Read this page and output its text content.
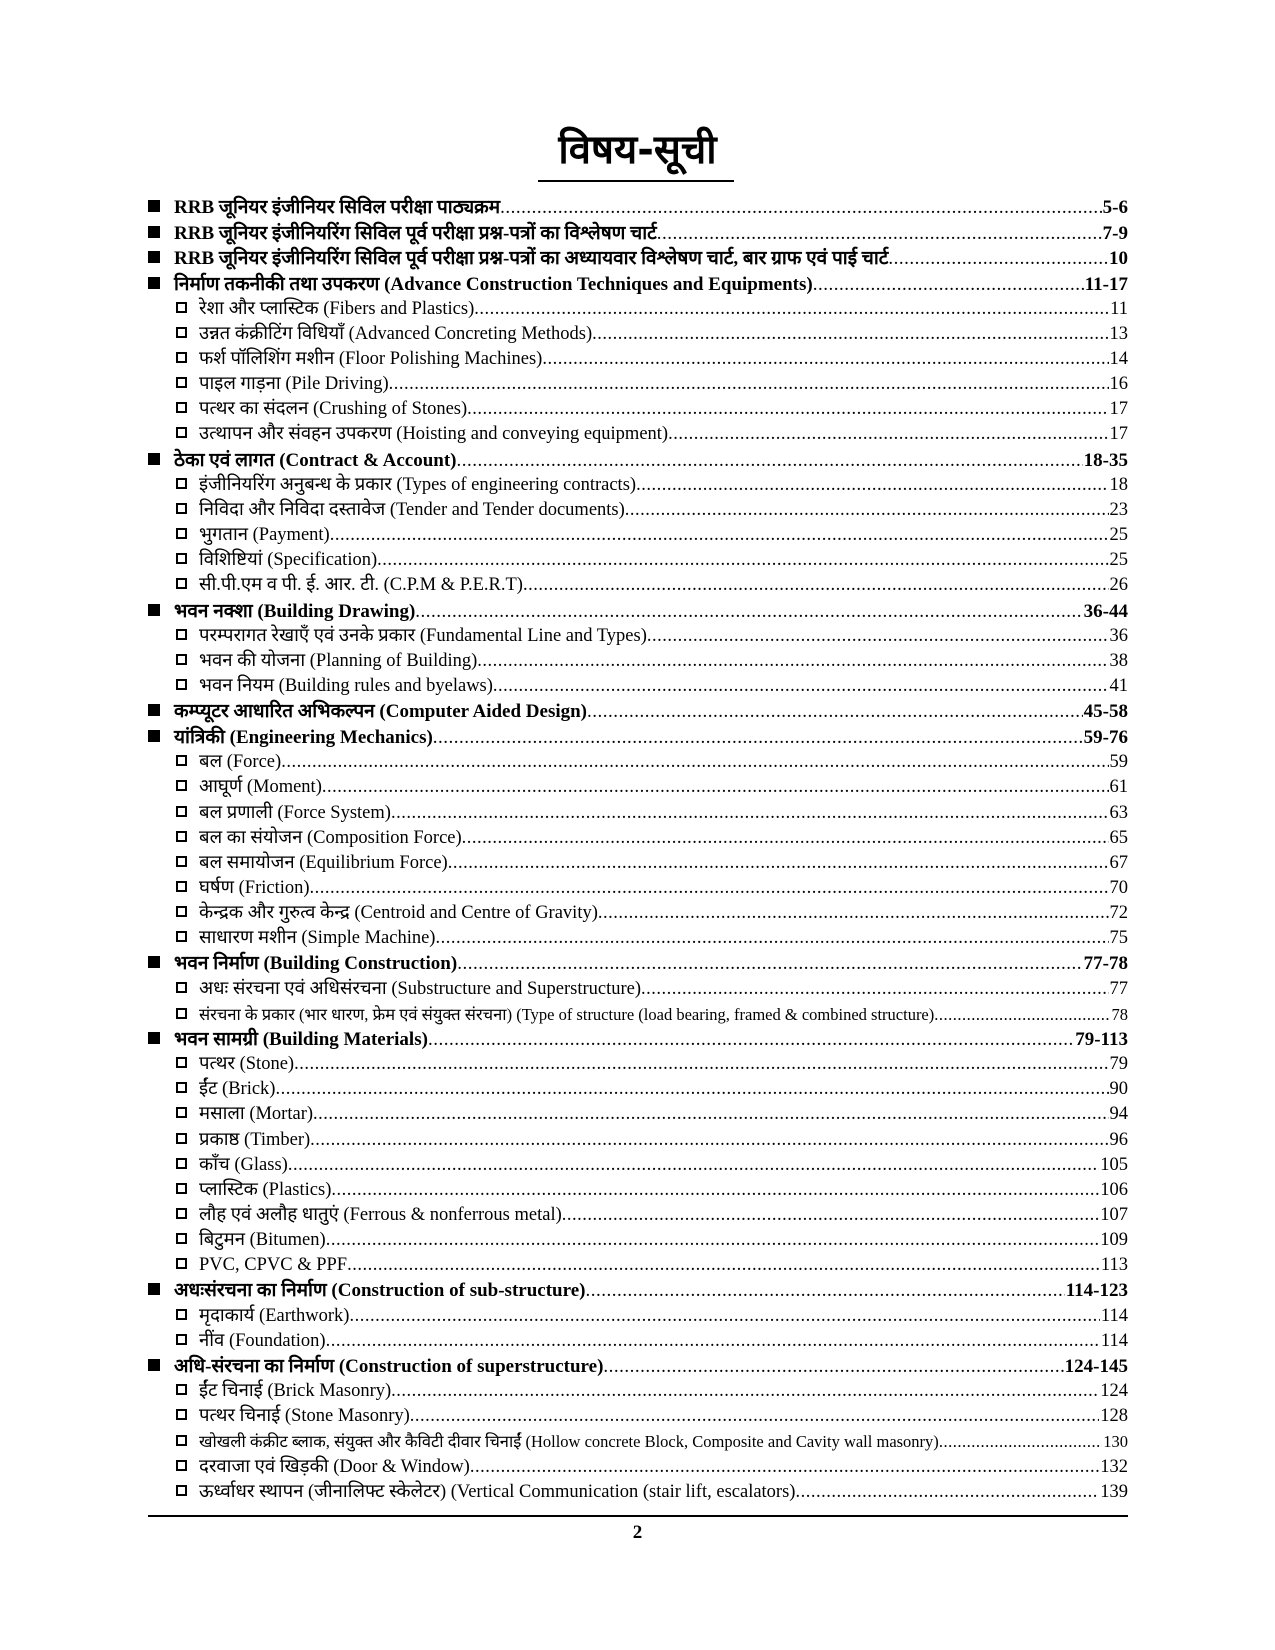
विषय-सूची
RRB जूनियर इंजीनियर सिविल परीक्षा पाठ्यक्रम .....	5-6
RRB जूनियर इंजीनियरिंग सिविल पूर्व परीक्षा प्रश्न-पत्रों का विश्लेषण चार्ट .....	7-9
RRB जूनियर इंजीनियरिंग सिविल पूर्व परीक्षा प्रश्न-पत्रों का अध्यायवार विश्लेषण चार्ट, बार ग्राफ एवं पाई चार्ट .....	10
निर्माण तकनीकी तथा उपकरण (Advance Construction Techniques and Equipments) .....	11-17
रेशा और प्लास्टिक (Fibers and Plastics) .....	11
उन्नत कंक्रीटिंग विधियाँ (Advanced Concreting Methods) .....	13
फर्श पॉलिशिंग मशीन (Floor Polishing Machines) .....	14
पाइल गाड़ना (Pile Driving) .....	16
पत्थर का संदलन (Crushing of Stones) .....	17
उत्थापन और संवहन उपकरण (Hoisting and conveying equipment) .....	17
ठेका एवं लागत (Contract & Account) .....	18-35
इंजीनियरिंग अनुबन्ध के प्रकार (Types of engineering contracts) .....	18
निविदा और निविदा दस्तावेज (Tender and Tender documents) .....	23
भुगतान (Payment) .....	25
विशिष्टियां (Specification) .....	25
सी.पी.एम व पी. ई. आर. टी. (C.P.M & P.E.R.T) .....	26
भवन नक्शा (Building Drawing) .....	36-44
परम्परागत रेखाएँ एवं उनके प्रकार (Fundamental Line and Types) .....	36
भवन की योजना (Planning of Building) .....	38
भवन नियम (Building rules and byelaws) .....	41
कम्प्यूटर आधारित अभिकल्पन (Computer Aided Design) .....	45-58
यांत्रिकी (Engineering Mechanics) .....	59-76
बल (Force) .....	59
आघूर्ण (Moment) .....	61
बल प्रणाली (Force System) .....	63
बल का संयोजन (Composition Force) .....	65
बल समायोजन (Equilibrium Force) .....	67
घर्षण (Friction) .....	70
केन्द्रक और गुरुत्व केन्द्र (Centroid and Centre of Gravity) .....	72
साधारण मशीन (Simple Machine) .....	75
भवन निर्माण (Building Construction) .....	77-78
अधः संरचना एवं अधिसंरचना (Substructure and Superstructure) .....	77
संरचना के प्रकार (भार धारण, फ्रेम एवं संयुक्त संरचना) (Type of structure (load bearing, framed & combined structure) .....	78
भवन सामग्री (Building Materials) .....	79-113
पत्थर (Stone) .....	79
ईंट (Brick) .....	90
मसाला (Mortar) .....	94
प्रकाष्ठ (Timber) .....	96
काँच (Glass) .....	105
प्लास्टिक (Plastics) .....	106
लौह एवं अलौह धातुएं (Ferrous & nonferrous metal) .....	107
बिटुमन (Bitumen) .....	109
PVC, CPVC & PPF .....	113
अधःसंरचना का निर्माण (Construction of sub-structure) .....	114-123
मृदाकार्य (Earthwork) .....	114
नींव (Foundation) .....	114
अधि-संरचना का निर्माण (Construction of superstructure) .....	124-145
ईंट चिनाई (Brick Masonry) .....	124
पत्थर चिनाई (Stone Masonry) .....	128
खोखली कंक्रीट ब्लाक, संयुक्त और कैविटी दीवार चिनाईं (Hollow concrete Block, Composite and Cavity wall masonry) .....	130
दरवाजा एवं खिड़की (Door & Window) .....	132
ऊर्ध्वाधर स्थापन (जीनालिफ्ट स्केलेटर) (Vertical Communication (stair lift, escalators) .....	139
2
